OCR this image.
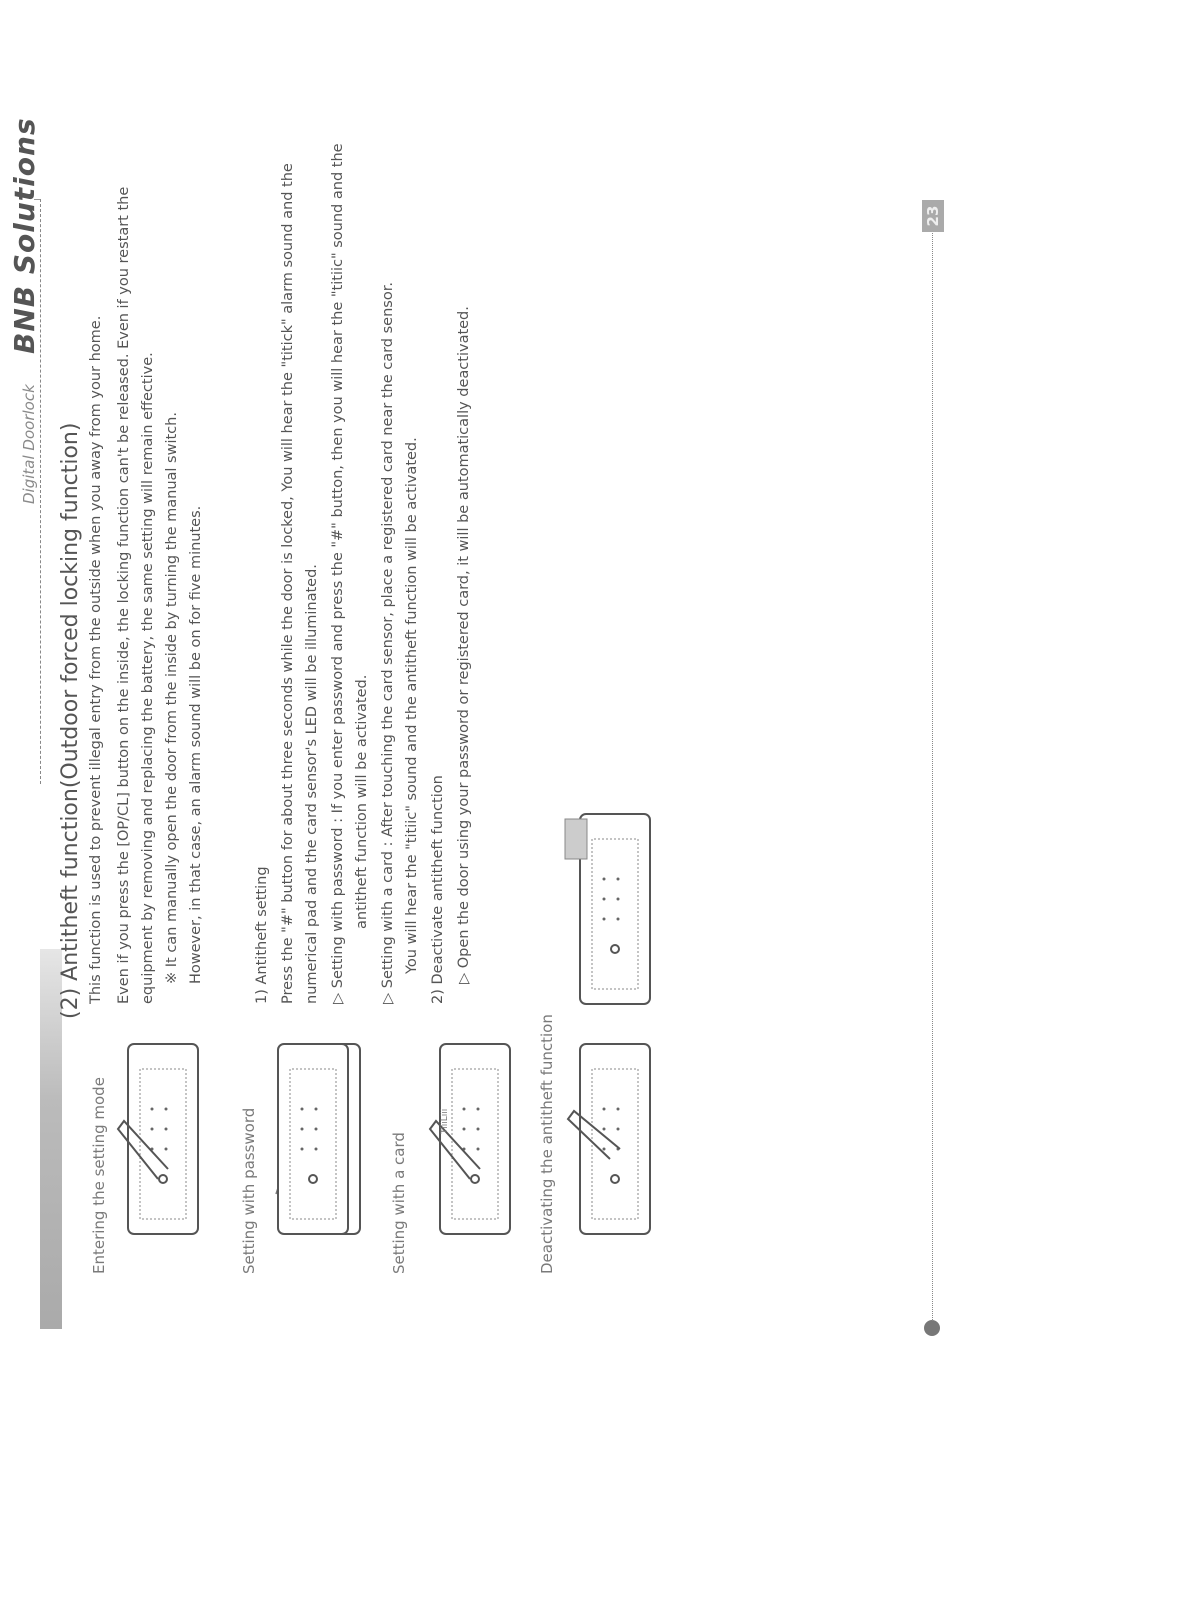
Digital Doorlock
BNB Solutions
(2) Antitheft function(Outdoor forced locking function) This function is used to prevent illegal entry from the outside when you away from your home. Even if you press the [OP/CL] button on the inside, the locking function can't be released. Even if you restart the equipment by removing and replacing the battery, the same setting will remain effective. ※ It can manually open the door from the inside by turning the manual switch. However, in that case, an alarm sound will be on for five minutes.	1) Antitheft setting Press the "#" button for about three seconds while the door is locked, You will hear the "titick" alarm sound and the numerical pad and the card sensor's LED will be illuminated. ▷ Setting with password : If you enter password and press the "#" button, then you will hear the "titiic" sound and the antitheft function will be activated. ▷ Setting with a card : After touching the card sensor, place a registered card near the card sensor. You will hear the "titiic" sound and the antitheft function will be activated. 2) Deactivate antitheft function ▷ Open the door using your password or registered card, it will be automatically deactivated.
Entering the setting mode	Setting with password	Setting with a card	Deactivating the antitheft function
TiiiLiii
23
